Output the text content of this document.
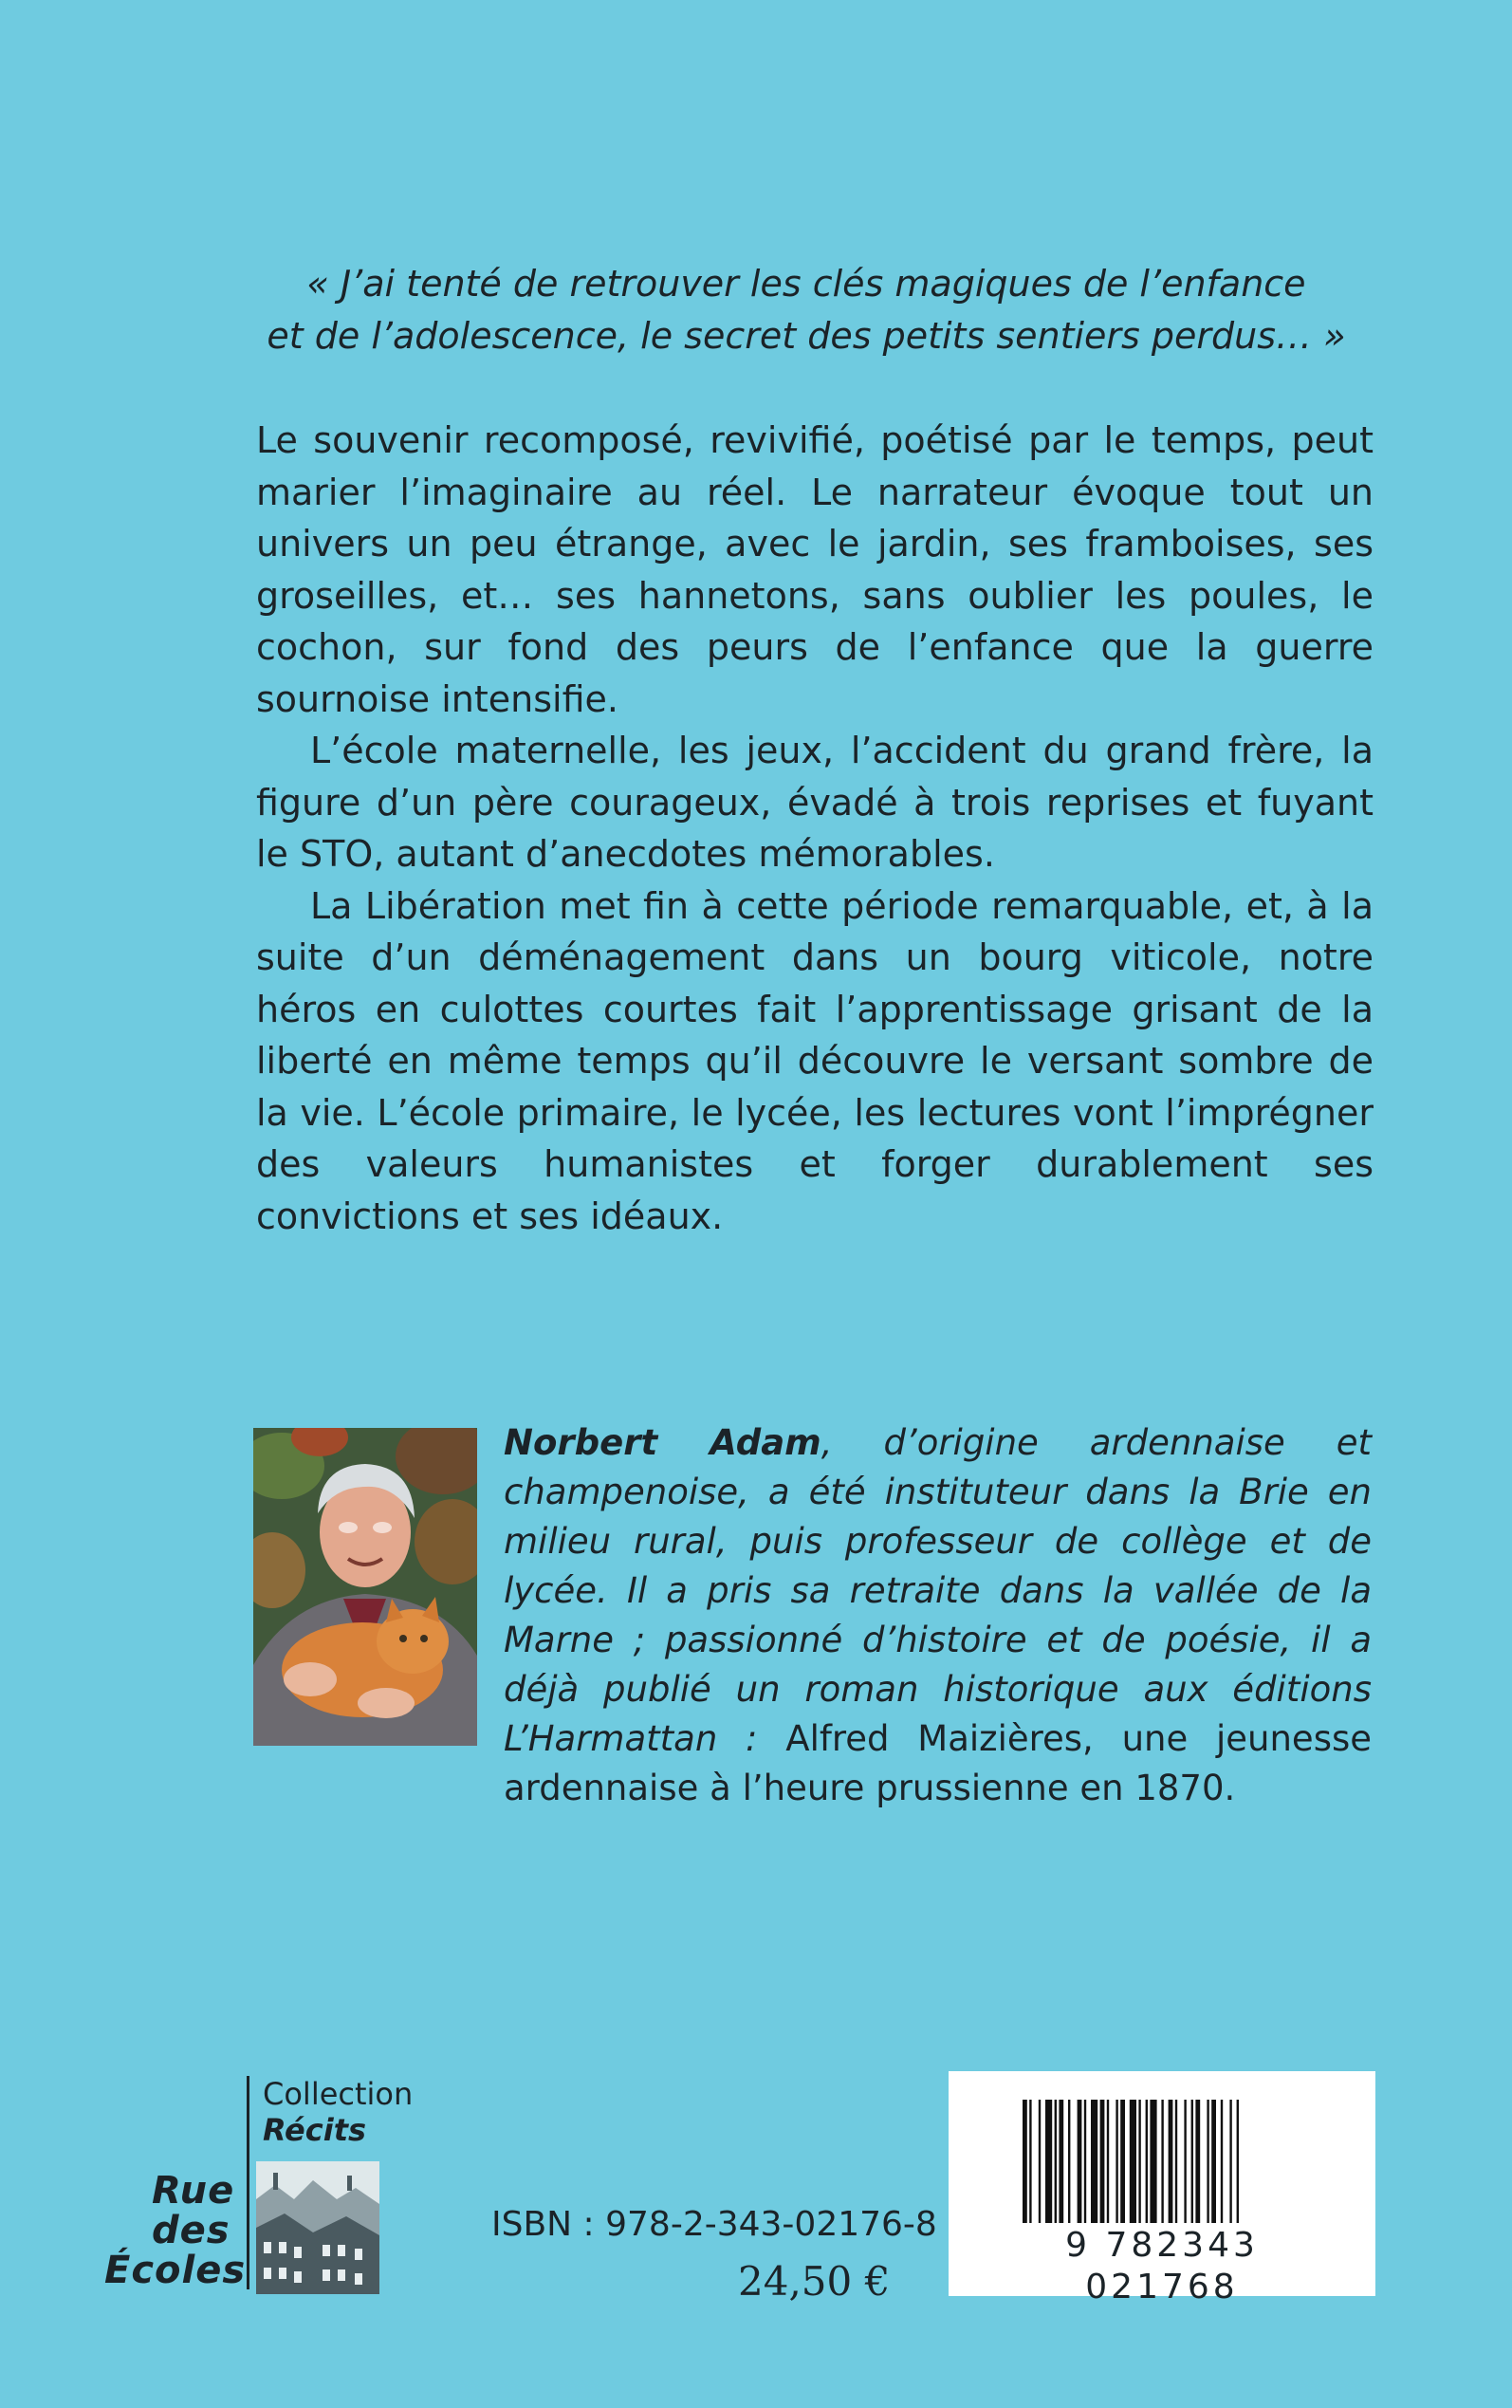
« J’ai tenté de retrouver les clés magiques de l’enfance
et de l’adolescence, le secret des petits sentiers perdus… »

Le souvenir recomposé, revivifié, poétisé par le temps, peut marier l’imaginaire au réel. Le narrateur évoque tout un univers un peu étrange, avec le jardin, ses framboises, ses groseilles, et… ses hannetons, sans oublier les poules, le cochon, sur fond des peurs de l’enfance que la guerre sournoise intensifie.

L’école maternelle, les jeux, l’accident du grand frère, la figure d’un père courageux, évadé à trois reprises et fuyant le STO, autant d’anecdotes mémorables.

La Libération met fin à cette période remarquable, et, à la suite d’un déménagement dans un bourg viticole, notre héros en culottes courtes fait l’apprentissage grisant de la liberté en même temps qu’il découvre le versant sombre de la vie. L’école primaire, le lycée, les lectures vont l’imprégner des valeurs humanistes et forger durablement ses convictions et ses idéaux.

Norbert Adam, d’origine ardennaise et champenoise, a été instituteur dans la Brie en milieu rural, puis professeur de collège et de lycée. Il a pris sa retraite dans la vallée de la Marne ; passionné d’histoire et de poésie, il a déjà publié un roman historique aux éditions L’Harmattan : Alfred Maizières, une jeunesse ardennaise à l’heure prussienne en 1870.

Collection
Récits
Rue
des
Écoles
ISBN : 978-2-343-02176-8
24,50 €
9 782343 021768
